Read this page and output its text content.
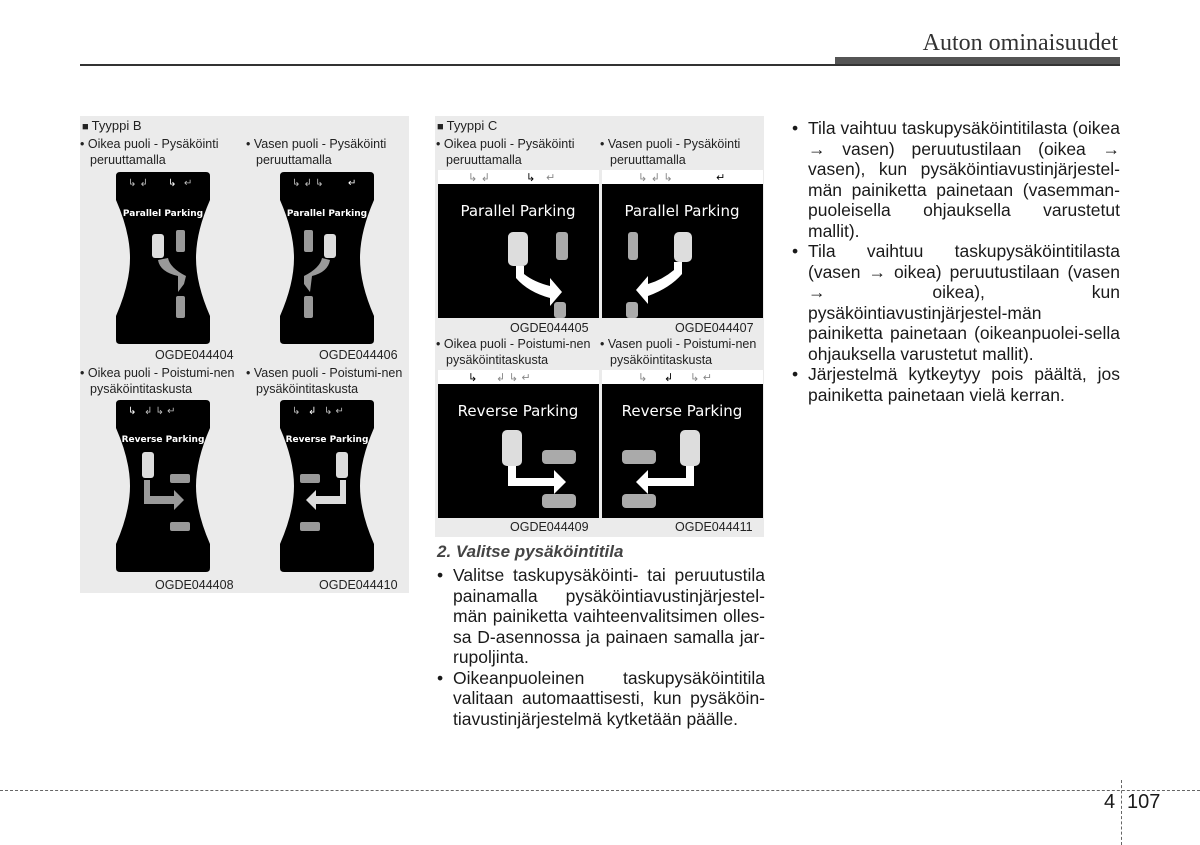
Auton ominaisuudet
■ Tyyppi B
• Oikea puoli - Pysäköinti peruuttamalla
• Vasen puoli - Pysäköinti peruuttamalla
• Oikea puoli - Poistumi-nen pysäköintitaskusta
• Vasen puoli - Poistumi-nen pysäköintitaskusta
↳ ↲ ↳ ↵
Parallel Parking
↳ ↲ ↳ ↵
Parallel Parking
↳ ↲ ↳ ↵
Reverse Parking
↳ ↲ ↳ ↵
Reverse Parking
OGDE044404	OGDE044406
OGDE044408	OGDE044410
■ Tyyppi C
• Oikea puoli - Pysäköinti peruuttamalla
• Vasen puoli - Pysäköinti peruuttamalla
• Oikea puoli - Poistumi-nen pysäköintitaskusta
• Vasen puoli - Poistumi-nen pysäköintitaskusta
↳ ↲	↳ ↵
Parallel Parking
↳ ↲ ↳	↵
Parallel Parking
↳ ↲ ↳ ↵
Reverse Parking
↳ ↲ ↳ ↵
Reverse Parking
OGDE044405	OGDE044407
OGDE044409	OGDE044411
2. Valitse pysäköintitila
• Valitse taskupysäköinti- tai peruutustila painamalla pysäköintiavustinjärjestel-män painiketta vaihteenvalitsimen olles-sa D-asennossa ja painaen samalla jar-rupoljinta.
• Oikeanpuoleinen taskupysäköintitila valitaan automaattisesti, kun pysäköin-tiavustinjärjestelmä kytketään päälle.
• Tila vaihtuu taskupysäköintitilasta (oikea → vasen) peruutustilaan (oikea → vasen), kun pysäköintiavustinjärjestel-män painiketta painetaan (vasemman-puoleisella ohjauksella varustetut mallit).
• Tila vaihtuu taskupysäköintitilasta (vasen → oikea) peruutustilaan (vasen → oikea), kun pysäköintiavustinjärjestel-män painiketta painetaan (oikeanpuolei-sella ohjauksella varustetut mallit).
• Järjestelmä kytkeytyy pois päältä, jos painiketta painetaan vielä kerran.
4 107
